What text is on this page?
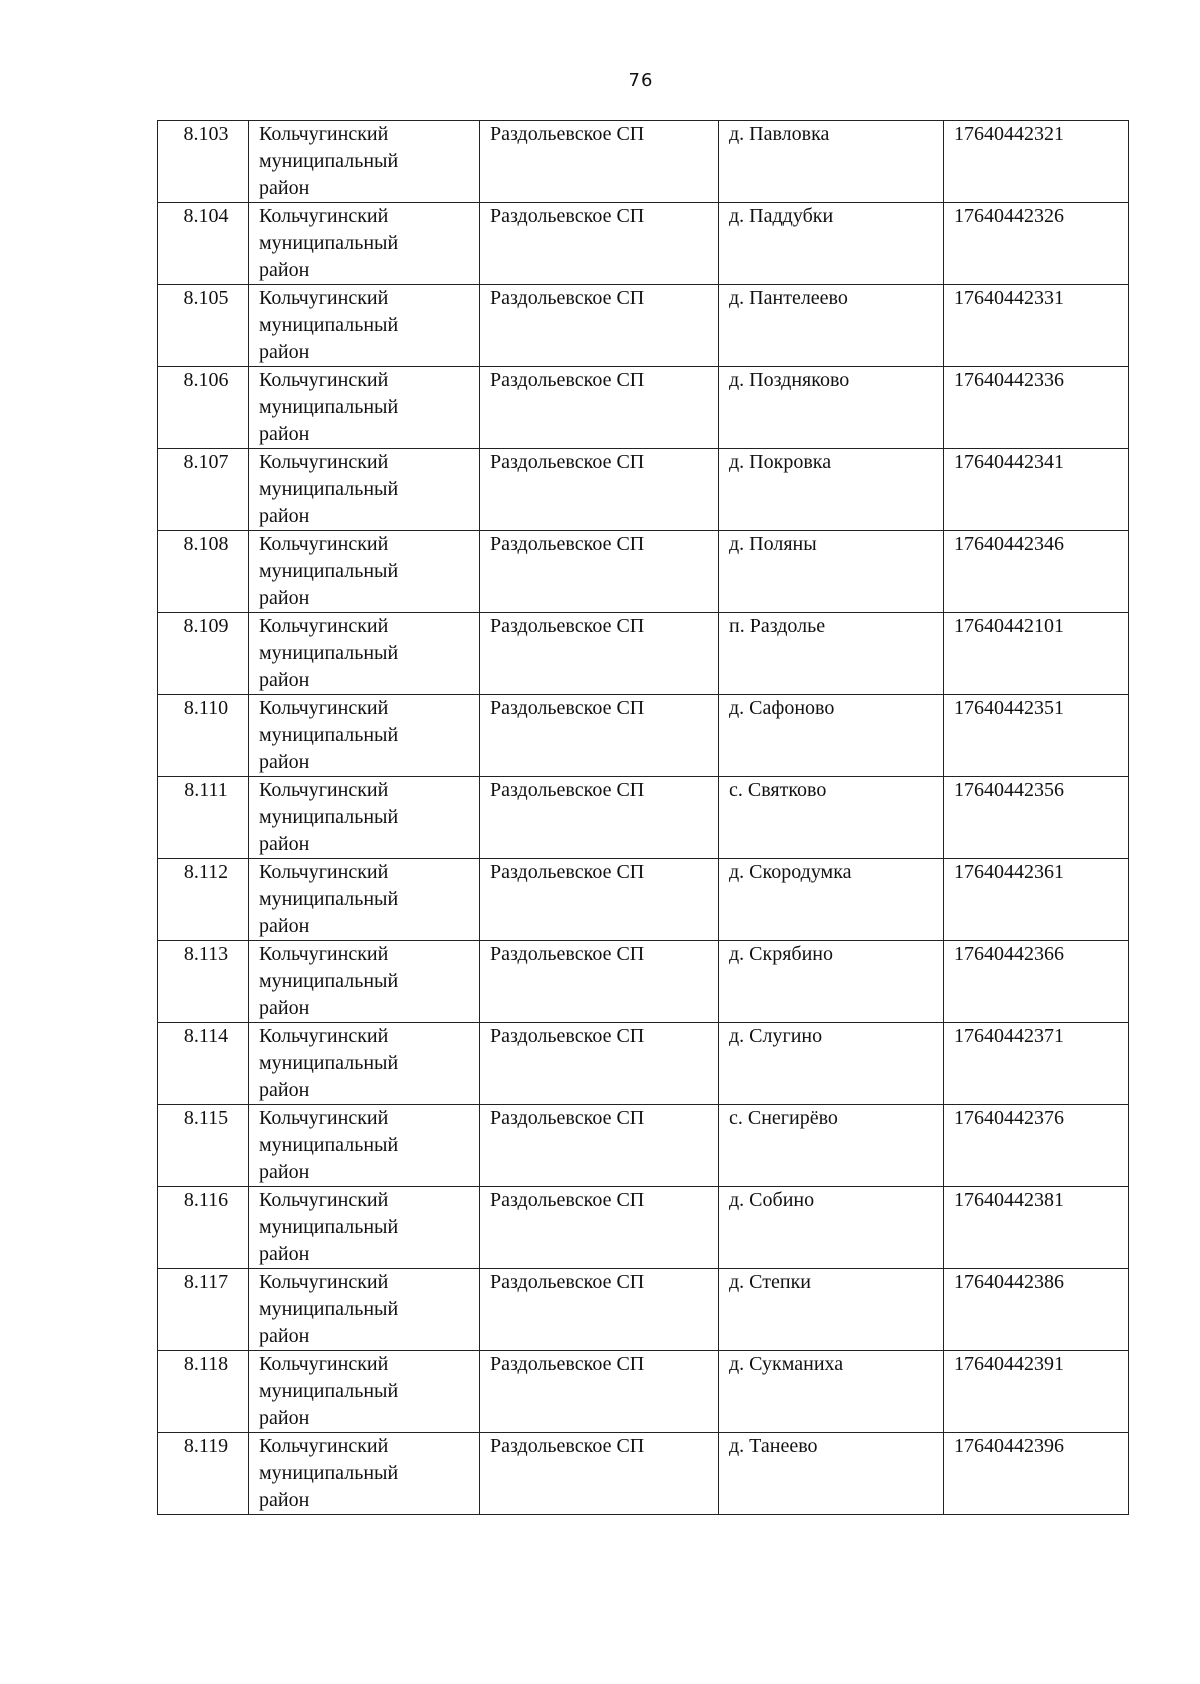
76
8.103	Кольчугинский
муниципальный
район	Раздольевское СП	д. Павловка	17640442321
8.104	Кольчугинский
муниципальный
район	Раздольевское СП	д. Паддубки	17640442326
8.105	Кольчугинский
муниципальный
район	Раздольевское СП	д. Пантелеево	17640442331
8.106	Кольчугинский
муниципальный
район	Раздольевское СП	д. Поздняково	17640442336
8.107	Кольчугинский
муниципальный
район	Раздольевское СП	д. Покровка	17640442341
8.108	Кольчугинский
муниципальный
район	Раздольевское СП	д. Поляны	17640442346
8.109	Кольчугинский
муниципальный
район	Раздольевское СП	п. Раздолье	17640442101
8.110	Кольчугинский
муниципальный
район	Раздольевское СП	д. Сафоново	17640442351
8.111	Кольчугинский
муниципальный
район	Раздольевское СП	с. Святково	17640442356
8.112	Кольчугинский
муниципальный
район	Раздольевское СП	д. Скородумка	17640442361
8.113	Кольчугинский
муниципальный
район	Раздольевское СП	д. Скрябино	17640442366
8.114	Кольчугинский
муниципальный
район	Раздольевское СП	д. Слугино	17640442371
8.115	Кольчугинский
муниципальный
район	Раздольевское СП	с. Снегирёво	17640442376
8.116	Кольчугинский
муниципальный
район	Раздольевское СП	д. Собино	17640442381
8.117	Кольчугинский
муниципальный
район	Раздольевское СП	д. Степки	17640442386
8.118	Кольчугинский
муниципальный
район	Раздольевское СП	д. Сукманиха	17640442391
8.119	Кольчугинский
муниципальный
район	Раздольевское СП	д. Танеево	17640442396
